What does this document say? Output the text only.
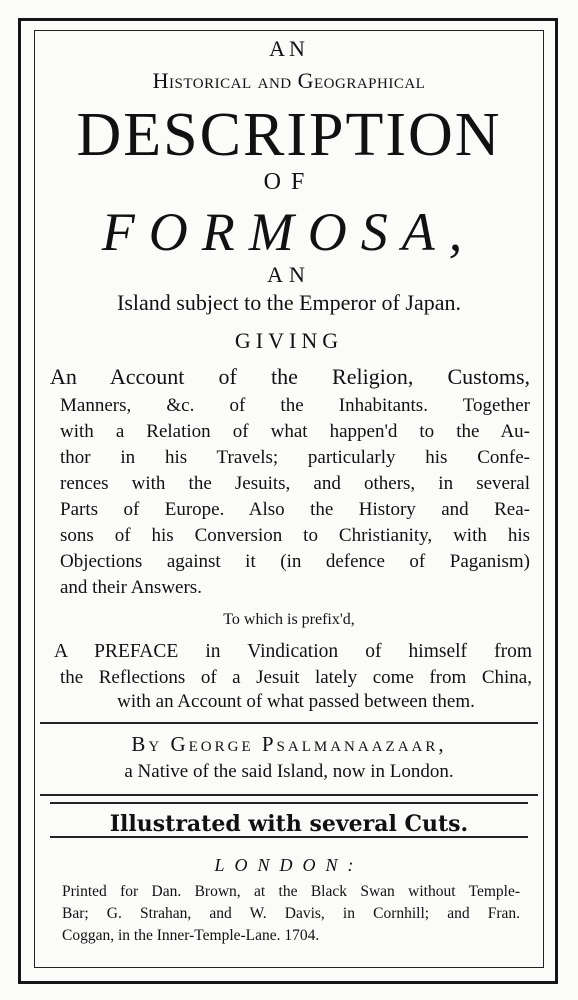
AN
Historical and Geographical
DESCRIPTION
OF
FORMOSA,
AN
Island subject to the Emperor of Japan.
GIVING
An Account of the Religion, Customs,
Manners, &c. of the Inhabitants. Together
with a Relation of what happen'd to the Au-
thor in his Travels; particularly his Confe-
rences with the Jesuits, and others, in several
Parts of Europe. Also the History and Rea-
sons of his Conversion to Christianity, with his
Objections against it (in defence of Paganism)
and their Answers.
To which is prefix'd,
A PREFACE in Vindication of himself from
the Reflections of a Jesuit lately come from China,
with an Account of what passed between them.
By George Psalmanaazaar,
a Native of the said Island, now in London.
Illustrated with several Cuts.
LONDON:
Printed for Dan. Brown, at the Black Swan without Temple-
Bar; G. Strahan, and W. Davis, in Cornhill; and Fran.
Coggan, in the Inner-Temple-Lane. 1704.
